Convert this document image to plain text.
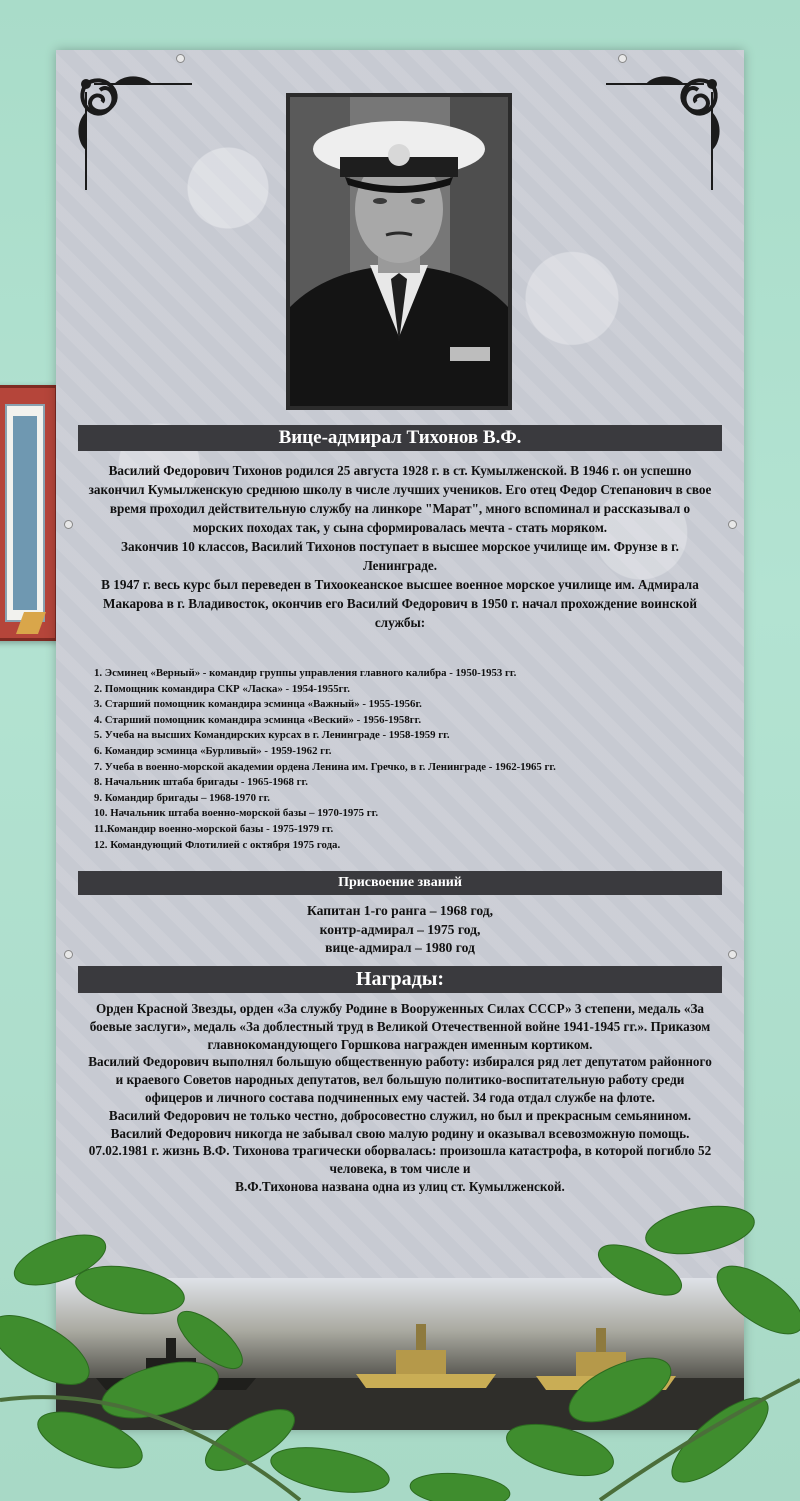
Вице-адмирал Тихонов В.Ф.

Василий Федорович Тихонов родился 25 августа 1928 г. в ст. Кумылженской. В 1946 г. он успешно закончил Кумылженскую среднюю школу в числе лучших учеников. Его отец Федор Степанович в свое время проходил действительную службу на линкоре "Марат", много вспоминал и рассказывал о морских походах так, у сына сформировалась мечта - стать моряком.

Закончив 10 классов, Василий Тихонов поступает в высшее морское училище им. Фрунзе в г. Ленинграде.

В 1947 г. весь курс был переведен в Тихоокеанское высшее военное морское училище им. Адмирала Макарова в г. Владивосток, окончив его Василий Федорович в 1950 г. начал прохождение воинской службы:

1. Эсминец «Верный» - командир группы управления главного калибра - 1950-1953 гг.
2. Помощник командира СКР «Ласка» - 1954-1955гг.
3. Старший помощник командира эсминца «Важный» - 1955-1956г.
4. Старший помощник командира эсминца «Веский» - 1956-1958гг.
5. Учеба на высших Командирских курсах в г. Ленинграде - 1958-1959 гг.
6. Командир эсминца «Бурливый» - 1959-1962 гг.
7. Учеба в военно-морской академии ордена Ленина им. Гречко, в г. Ленинграде - 1962-1965 гг.
8. Начальник штаба бригады - 1965-1968 гг.
9. Командир бригады – 1968-1970 гг.
10. Начальник штаба военно-морской базы – 1970-1975 гг.
11.Командир военно-морской базы - 1975-1979 гг.
12. Командующий Флотилией с октября 1975 года.
Присвоение званий
Капитан 1-го ранга – 1968 год,
контр-адмирал – 1975 год,
вице-адмирал – 1980 год
Награды:

Орден Красной Звезды, орден «За службу Родине в Вооруженных Силах СССР» 3 степени, медаль «За боевые заслуги», медаль «За доблестный труд в Великой Отечественной войне 1941-1945 гг.». Приказом главнокомандующего Горшкова награжден именным кортиком.

Василий Федорович выполнял большую общественную работу: избирался ряд лет депутатом районного и краевого Советов народных депутатов, вел большую политико-воспитательную работу среди офицеров и личного состава подчиненных ему частей. 34 года отдал службе на флоте.

Василий Федорович не только честно, добросовестно служил, но был и прекрасным семьянином.

Василий Федорович никогда не забывал свою малую родину и оказывал всевозможную помощь.

07.02.1981 г. жизнь В.Ф. Тихонова трагически оборвалась: произошла катастрофа, в которой погибло 52 человека, в том числе и

В.Ф.Тихонова названа одна из улиц ст. Кумылженской.
